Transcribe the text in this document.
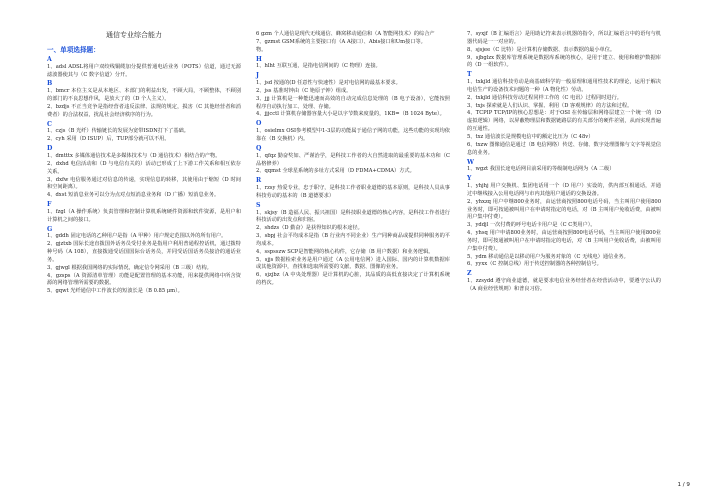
通信专业综合能力
一、单项选择题：
A
1、adsl ADSL将用户双绞线铜缆加分提供普通电话业务（POTS）信道，通过无源滤波器使其与（C 数字信道）分开。
B
1、bmcr 本位主义是从本地区、本部门的利益出发，不顾大局，不顾整体，不顾别的部门的不良思想作风，是放大了的（D 个人主义）。
2、bzdjs 不正当竞争是指经营者违反法律、法规的规定，损害（C 其他经营者和消费者）的合法权益，扰乱社会经济秩序的行为。
C
1、czjs（B 光纤）传输链长的发展为宽带ISDN打下了基础。
2、cyh 采用（D ISUP）后，TUP部分就可以不用。
D
1、dmtttx 多媒体通信技术是多媒体技术与（D 通信技术）相结合的产物。
2、dxhd 电信活动和（D 与电信有关的）活动已形成了上下游工作关系和相互依存关系。
3、dxfw 电信服务通过对信息的传递，实现信息的转移，其使用由于缩短（D 时间和空间距离）。
4、dxst 短消息业务可以分为点对点短消息业务和（D 广播）短消息业务。
F
1、fzgl（A 操作系统）负责管理和控制计算机系统硬件资源和软件资源，是用户和计算机之间的接口。
G
1、gddh 固定电话的乙种用户是指（A 甲种）用户规定范围以外的所有用户。
2、gjztxb 国际长途直拨国外话务员受付业务是指用户利用普通程控话机，通过拨特种号码（A 108），直接拨通受话国国际台话务员，并同受话国话务员接洽的通话业务。
3、gjwgl 根据我国网络的实际情况，确定信令网采用（B 三级）结构。
4、gzsps（A 资源清单管理）功能是配置管理的基本功能，用来提供网络中所含资源的网络管理所需要的数据。
5、gqwt 光纤通信中工作波长的短波长是（B 0.85 μm）。
6 gzm 个人通信是现代无线通信、蜂窝移动通信和（A 智能网技术）的综合产
7、gzmst GSM系统的主要接口有（A A接口）、Abis接口和Um接口等。
物。
H
1、hlht 互联互通，是指电信网间的（C 物理）连接。
J
1、jsd 按通的(D 任意性与快速性）是对电信网的最基本要求。
2、jss 基准时钟由（C 铯原子钟）组成。
3、jjj 计算机是一种能迅速而高效的自动完成信息处理的（B 电子设备），它能按照程序自动执行加工、处理、存储。
4、jjjcctl 计算机存储器容量大小是以字节数来度量的，1KB=（B 1024 Byte）。
O
1、osielmx OSI参考模型中1-3层的功能属于通信子网的功能，这些功能的实现均依靠在（B 交换机）内。
Q
1、qfqz 勤奋奖如、严谨治学，是科技工作者的大自然进取的最重要的基本功和（C 品格修养）
2、qqmst 全球星系统的多址方式采用（D FDMA+CDMA）方式。
R
1、rzsy 热爱专业，忠于职守，是科技工作者职业道德的基本原则，是科技人员从事科技劳动的基本的（B 道德要求）
S
1、skjsy（B 造福人民、振兴祖国）是科技职业道德的核心内容，是科技工作者进行科技活动的出发点和归宿。
2、shdzs（D 勤奋）是获得知识的根本途径。
3、sbpj 社会平均成本是指（B 行业内不同企业）生产同种商品或提供同种服务的平均成本。
4、sspsszw SCP是智能网的核心构件，它存储（B 用户数据）和业务逻辑。
5、sjjs 数据检索业务是用户通过（A 公用电信网）进入国际、国内的计算机数据库或其他资源中，查找和选取所需要的文献、数据、图像的业务。
6、sjzjbz（A 中央处理器）是计算机的心脏，其品质的高低直接决定了计算机系统的档次。
7、syxjf（B 汇编语言）是用助记符来表示机器的指令，所以汇编语言中的语句与机器代码是一一对应的。
8、sjsjee（C 比特）是计算机存储数据、表示数据的最小单位。
9、sjbglzx 数据库管理系统是数据库系统的核心，是用于建立、使用和维护数据库的（D 一组软件）。
T
1、txkjld 通信科技劳动是商基础科学的一般原理和通用性技术的理论，运用于解决电信生产的设备技术问题的一种（A 物化性）劳动。
2、txkjld 通信科技劳动过程同样工作的（C 电讯）过程同时进行。
3、txjs 探索就是人们认识、掌握、利用（D 客观规律）的方法和过程。
4、TCPIP TCP/IP的核心思想是：对于OSI 在传输层和网络层建立一个统一的（D 虚拟逻辑）网络，以屏蔽物理层和数据链路层的有关部分的硬件差别，从而实现普遍的互通性。
5、txz 通信波长是规模电信中的额定比压为（C 48v）
6、txzw 图像通信是通过（B 电信网络）传送、存储、数字处理图像与文字等视觉信息的业务。
W
1、wgzt 我国长途电话网目前采用的等级制电话网为（A 二级）
Y
1、yhjhj 用户交换机、集团电话用一个（D 用户）实设的，供内部互相通话，并通过中继线接入公用电话网与市内其他用户通话的交换设备。
2、yhxzq 用户中继800业务时，由运营商按照800电话号码，当主叫用户使用800业务时，即可按通被叫用户在申请时指定的电话，对（B 主叫用户免收话费，由被叫用户集中付费）。
3、yddjl 一次付费的呼号电话卡用户是（C C类用户）。
4、yhsq 用户申请800业务时，由运营商按照800电话号码，当主叫用户使用800业务时，即可按通被叫用户在申请时指定的电话，对（B 主叫用户免收话费，由被叫用户集中付费）。
5、ydm 移动通信是以移动用户为服务对象的（C 无线电）通信业务。
6、yyxx（C 控制总线）用于传送控制器的各种控制信号。
Z
1、zzsydd 遵守商业道德，就是要求电信业务经营者在经营活动中，要遵守公认的（A 商业经营规则）和普良习俗。
1 / 9
